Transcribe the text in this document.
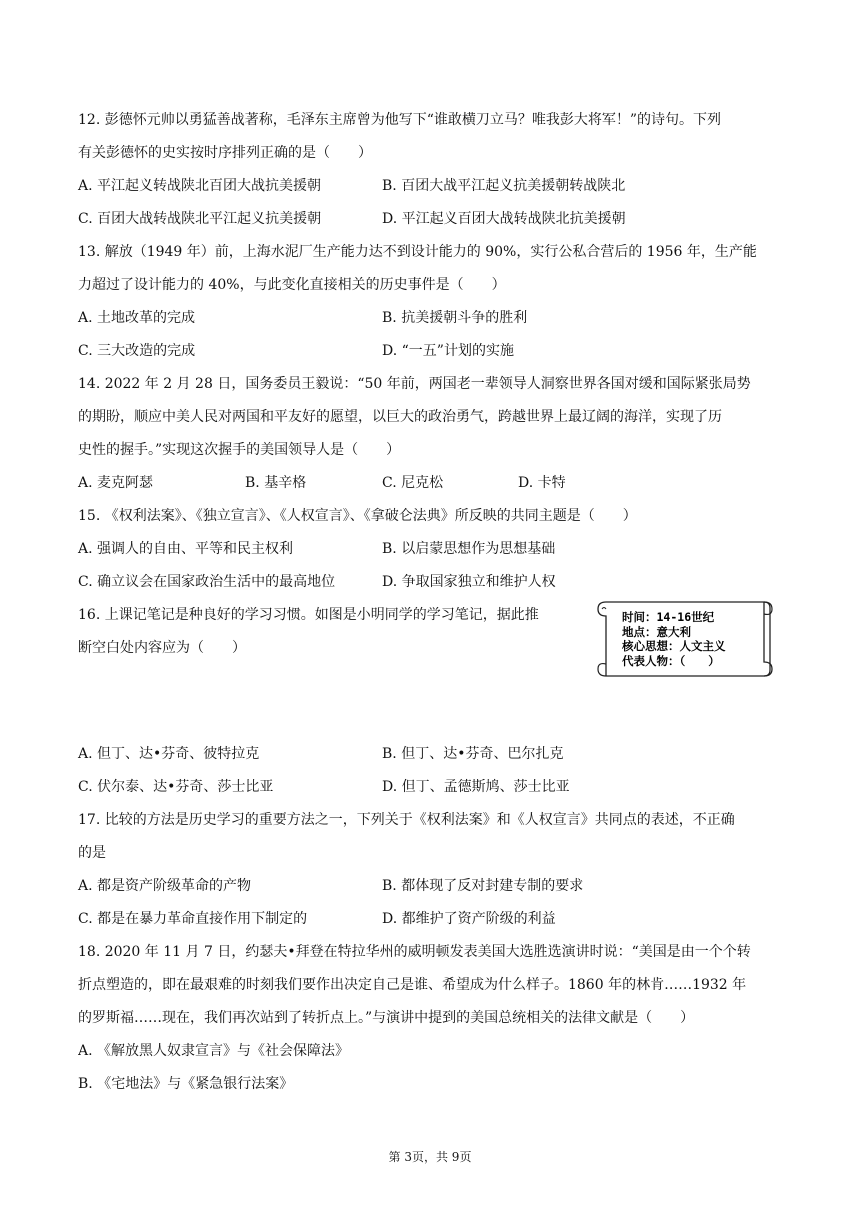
12. 彭德怀元帅以勇猛善战著称，毛泽东主席曾为他写下“谁敢横刀立马？唯我彭大将军！”的诗句。下列
有关彭德怀的史实按时序排列正确的是（　　）
A. 平江起义转战陕北百团大战抗美援朝	B. 百团大战平江起义抗美援朝转战陕北
C. 百团大战转战陕北平江起义抗美援朝	D. 平江起义百团大战转战陕北抗美援朝
13. 解放（1949 年）前，上海水泥厂生产能力达不到设计能力的 90%，实行公私合营后的 1956 年，生产能
力超过了设计能力的 40%，与此变化直接相关的历史事件是（　　）
A. 土地改革的完成	B. 抗美援朝斗争的胜利
C. 三大改造的完成	D. “一五”计划的实施
14. 2022 年 2 月 28 日，国务委员王毅说：“50 年前，两国老一辈领导人洞察世界各国对缓和国际紧张局势
的期盼，顺应中美人民对两国和平友好的愿望，以巨大的政治勇气，跨越世界上最辽阔的海洋，实现了历
史性的握手。”实现这次握手的美国领导人是（　　）
A. 麦克阿瑟	B. 基辛格	C. 尼克松	D. 卡特
15. 《权利法案》、《独立宣言》、《人权宣言》、《拿破仑法典》所反映的共同主题是（　　）
A. 强调人的自由、平等和民主权利	B. 以启蒙思想作为思想基础
C. 确立议会在国家政治生活中的最高地位	D. 争取国家独立和维护人权
16. 上课记笔记是种良好的学习习惯。如图是小明同学的学习笔记，据此推
断空白处内容应为（　　）
时间：14-16世纪
地点：意大利
核心思想：人文主义
代表人物：（　　）
A. 但丁、达•芬奇、彼特拉克	B. 但丁、达•芬奇、巴尔扎克
C. 伏尔泰、达•芬奇、莎士比亚	D. 但丁、孟德斯鸠、莎士比亚
17. 比较的方法是历史学习的重要方法之一，下列关于《权利法案》和《人权宣言》共同点的表述，不正确
的是
A. 都是资产阶级革命的产物	B. 都体现了反对封建专制的要求
C. 都是在暴力革命直接作用下制定的	D. 都维护了资产阶级的利益
18. 2020 年 11 月 7 日，约瑟夫•拜登在特拉华州的威明顿发表美国大选胜选演讲时说：“美国是由一个个转
折点塑造的，即在最艰难的时刻我们要作出决定自己是谁、希望成为什么样子。1860 年的林肯……1932 年
的罗斯福……现在，我们再次站到了转折点上。”与演讲中提到的美国总统相关的法律文献是（　　）
A. 《解放黑人奴隶宣言》与《社会保障法》
B. 《宅地法》与《紧急银行法案》
第 3页，共 9页
